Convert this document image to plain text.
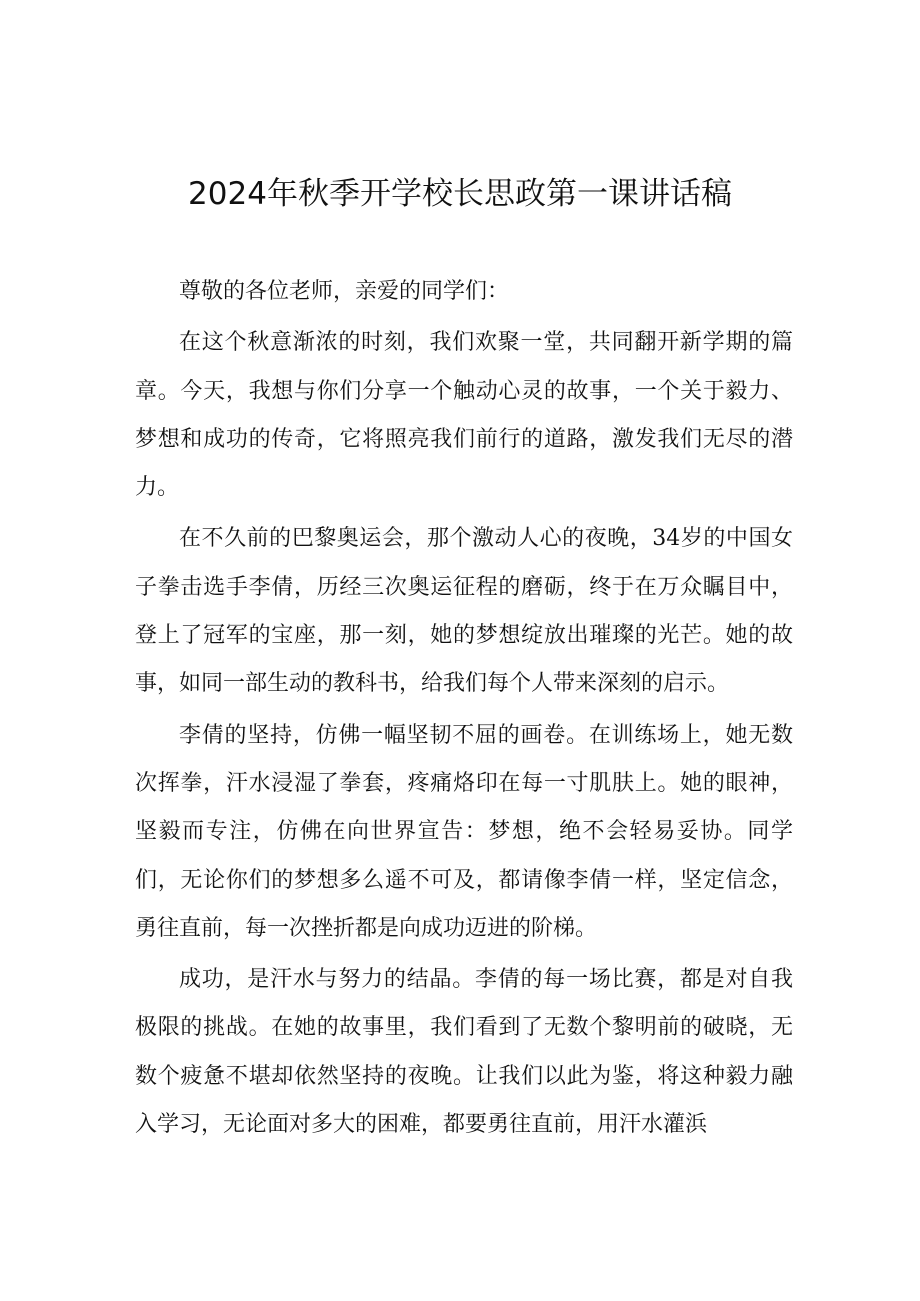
2024年秋季开学校长思政第一课讲话稿

尊敬的各位老师，亲爱的同学们：

在这个秋意渐浓的时刻，我们欢聚一堂，共同翻开新学期的篇章。今天，我想与你们分享一个触动心灵的故事，一个关于毅力、梦想和成功的传奇，它将照亮我们前行的道路，激发我们无尽的潜力。

在不久前的巴黎奥运会，那个激动人心的夜晚，34岁的中国女子拳击选手李倩，历经三次奥运征程的磨砺，终于在万众瞩目中，登上了冠军的宝座，那一刻，她的梦想绽放出璀璨的光芒。她的故事，如同一部生动的教科书，给我们每个人带来深刻的启示。

李倩的坚持，仿佛一幅坚韧不屈的画卷。在训练场上，她无数次挥拳，汗水浸湿了拳套，疼痛烙印在每一寸肌肤上。她的眼神，坚毅而专注，仿佛在向世界宣告：梦想，绝不会轻易妥协。同学们，无论你们的梦想多么遥不可及，都请像李倩一样，坚定信念，勇往直前，每一次挫折都是向成功迈进的阶梯。

成功，是汗水与努力的结晶。李倩的每一场比赛，都是对自我极限的挑战。在她的故事里，我们看到了无数个黎明前的破晓，无数个疲惫不堪却依然坚持的夜晚。让我们以此为鉴，将这种毅力融入学习，无论面对多大的困难，都要勇往直前，用汗水灌浜
